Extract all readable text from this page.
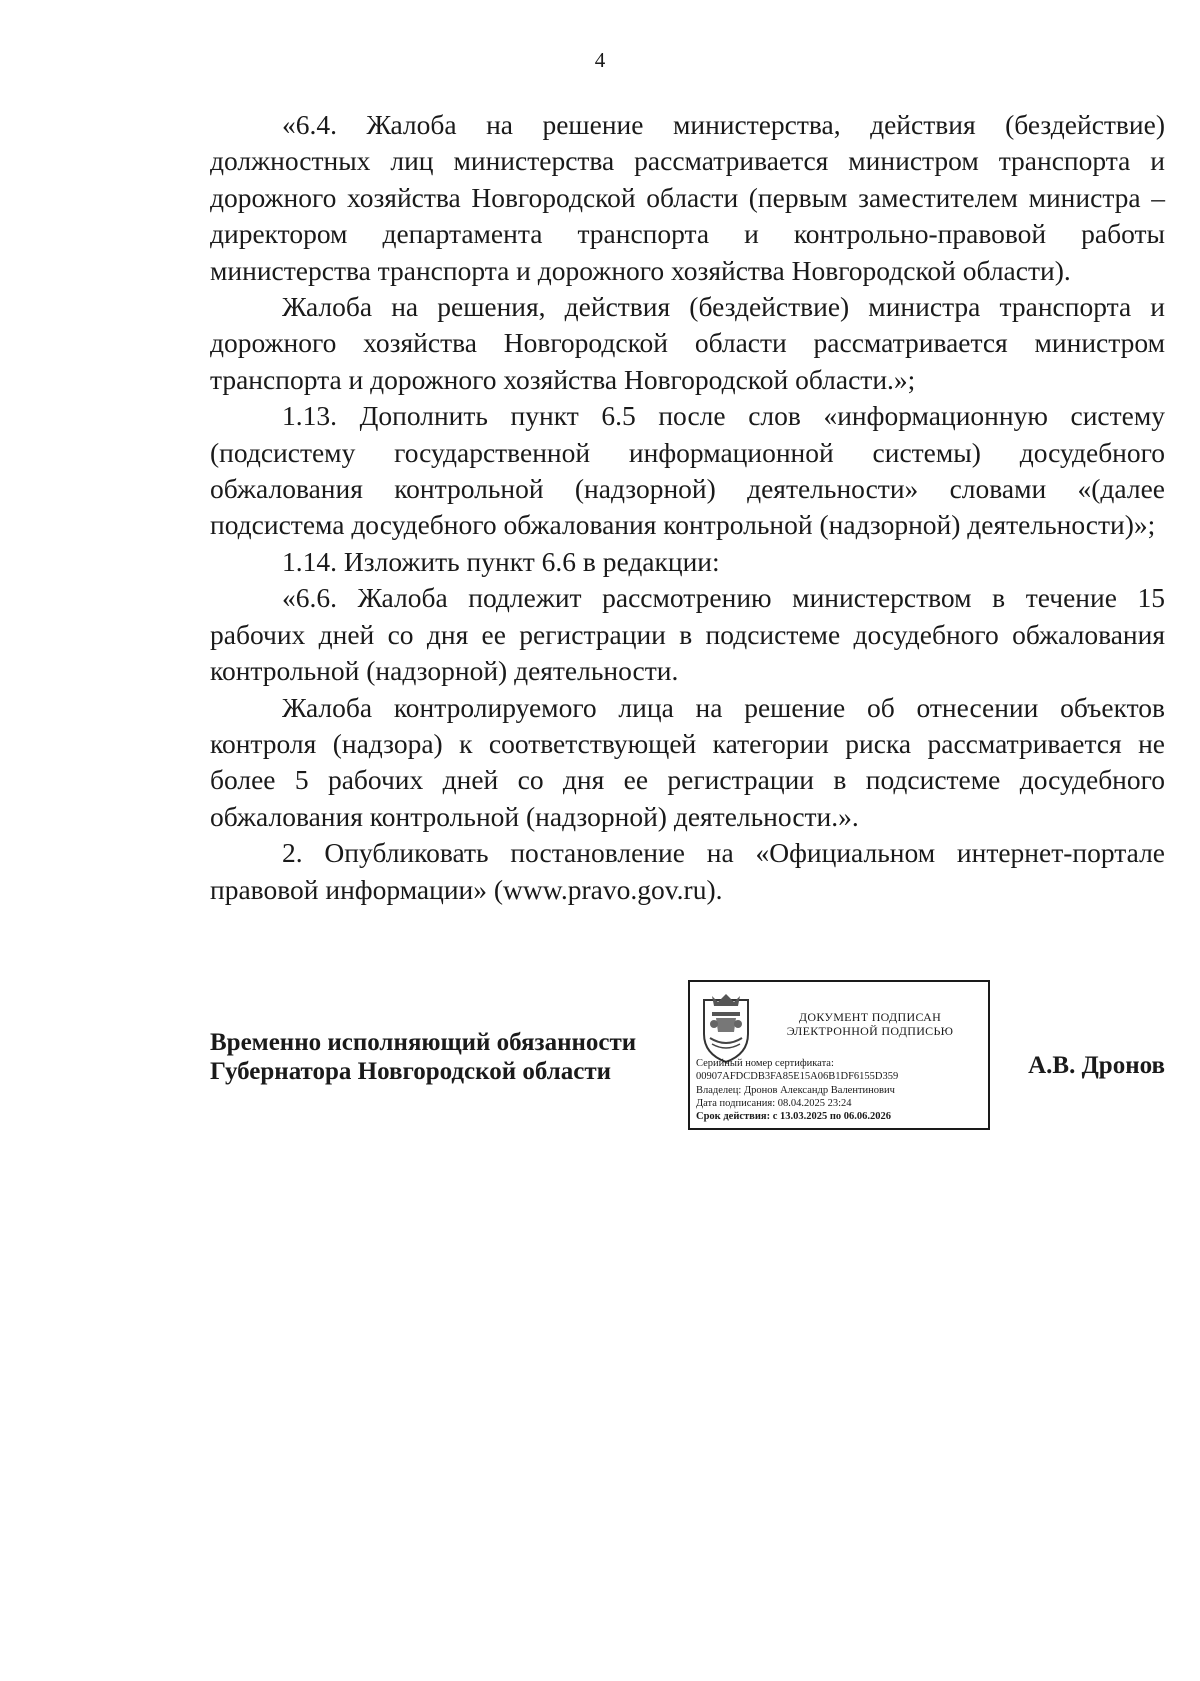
4

«6.4. Жалоба на решение министерства, действия (бездействие) должностных лиц министерства рассматривается министром транспорта и дорожного хозяйства Новгородской области (первым заместителем министра – директором департамента транспорта и контрольно-правовой работы министерства транспорта и дорожного хозяйства Новгородской области).

Жалоба на решения, действия (бездействие) министра транспорта и дорожного хозяйства Новгородской области рассматривается министром транспорта и дорожного хозяйства Новгородской области.»;

1.13. Дополнить пункт 6.5 после слов «информационную систему (подсистему государственной информационной системы) досудебного обжалования контрольной (надзорной) деятельности» словами «(далее подсистема досудебного обжалования контрольной (надзорной) деятельности)»;

1.14. Изложить пункт 6.6 в редакции:

«6.6. Жалоба подлежит рассмотрению министерством в течение 15 рабочих дней со дня ее регистрации в подсистеме досудебного обжалования контрольной (надзорной) деятельности.

Жалоба контролируемого лица на решение об отнесении объектов контроля (надзора) к соответствующей категории риска рассматривается не более 5 рабочих дней со дня ее регистрации в подсистеме досудебного обжалования контрольной (надзорной) деятельности.».

2. Опубликовать постановление на «Официальном интернет-портале правовой информации» (www.pravo.gov.ru).

Временно исполняющий обязанности
Губернатора Новгородской области
ДОКУМЕНТ ПОДПИСАН
ЭЛЕКТРОННОЙ ПОДПИСЬЮ
Серийный номер сертификата:
00907AFDCDB3FA85E15A06B1DF6155D359
Владелец: Дронов Александр Валентинович
Дата подписания: 08.04.2025 23:24
Срок действия: с 13.03.2025 по 06.06.2026
А.В. Дронов
